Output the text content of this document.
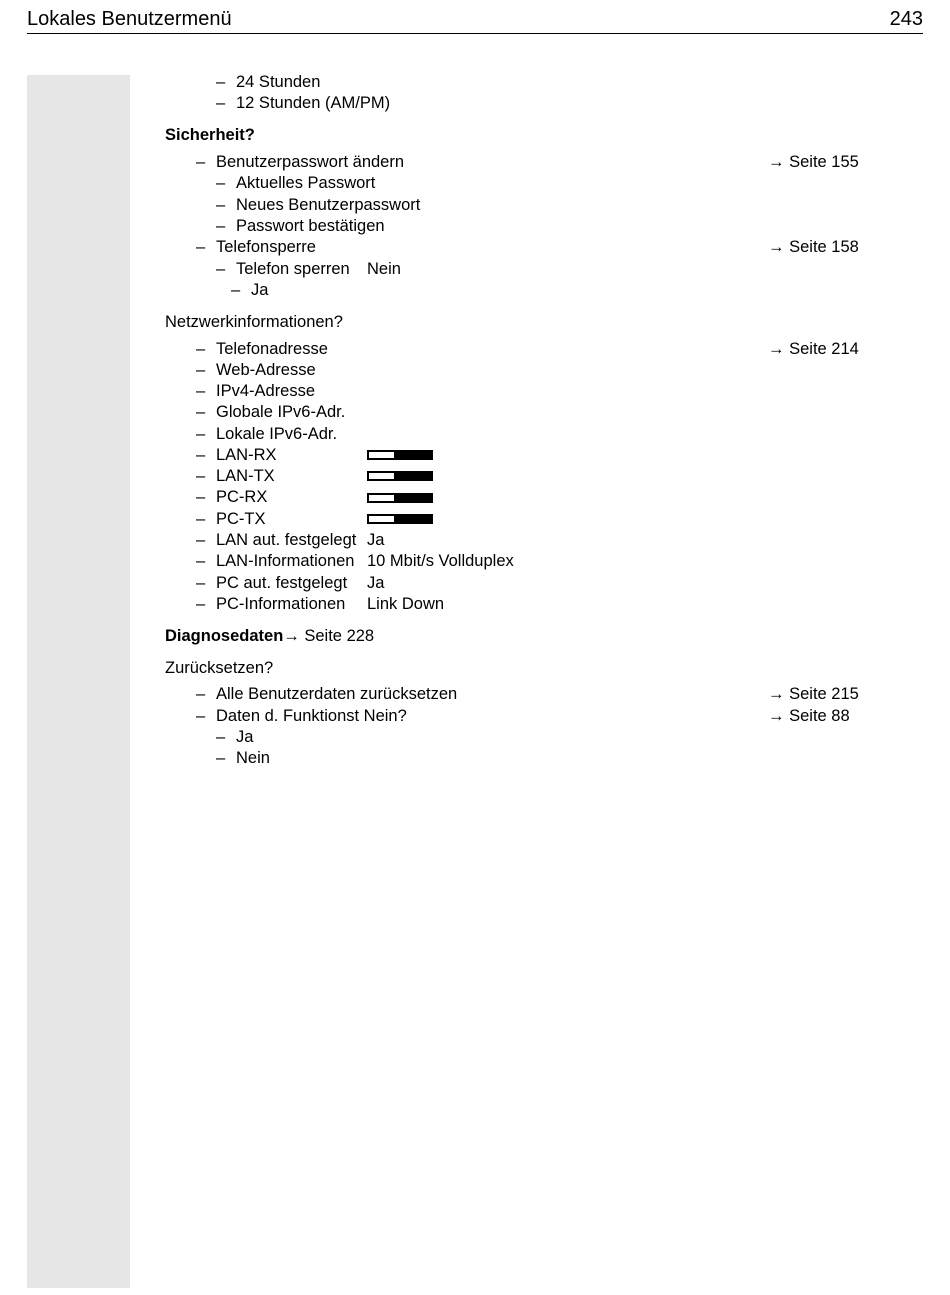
Lokales Benutzermenü	243
– 24 Stunden
– 12 Stunden (AM/PM)
Sicherheit?
– Benutzerpasswort ändern	→ Seite 155
– Aktuelles Passwort
– Neues Benutzerpasswort
– Passwort bestätigen
– Telefonsperre	→ Seite 158
– Telefon sperren Nein
– Ja
Netzwerkinformationen?
– Telefonadresse	→ Seite 214
– Web-Adresse
– IPv4-Adresse
– Globale IPv6-Adr.
– Lokale IPv6-Adr.
– LAN-RX
– LAN-TX
– PC-RX
– PC-TX
– LAN aut. festgelegt Ja
– LAN-Informationen 10 Mbit/s Vollduplex
– PC aut. festgelegt Ja
– PC-Informationen Link Down
Diagnosedaten→ Seite 228
Zurücksetzen?
– Alle Benutzerdaten zurücksetzen	→ Seite 215
– Daten d. Funktionst Nein?	→ Seite 88
– Ja
– Nein
